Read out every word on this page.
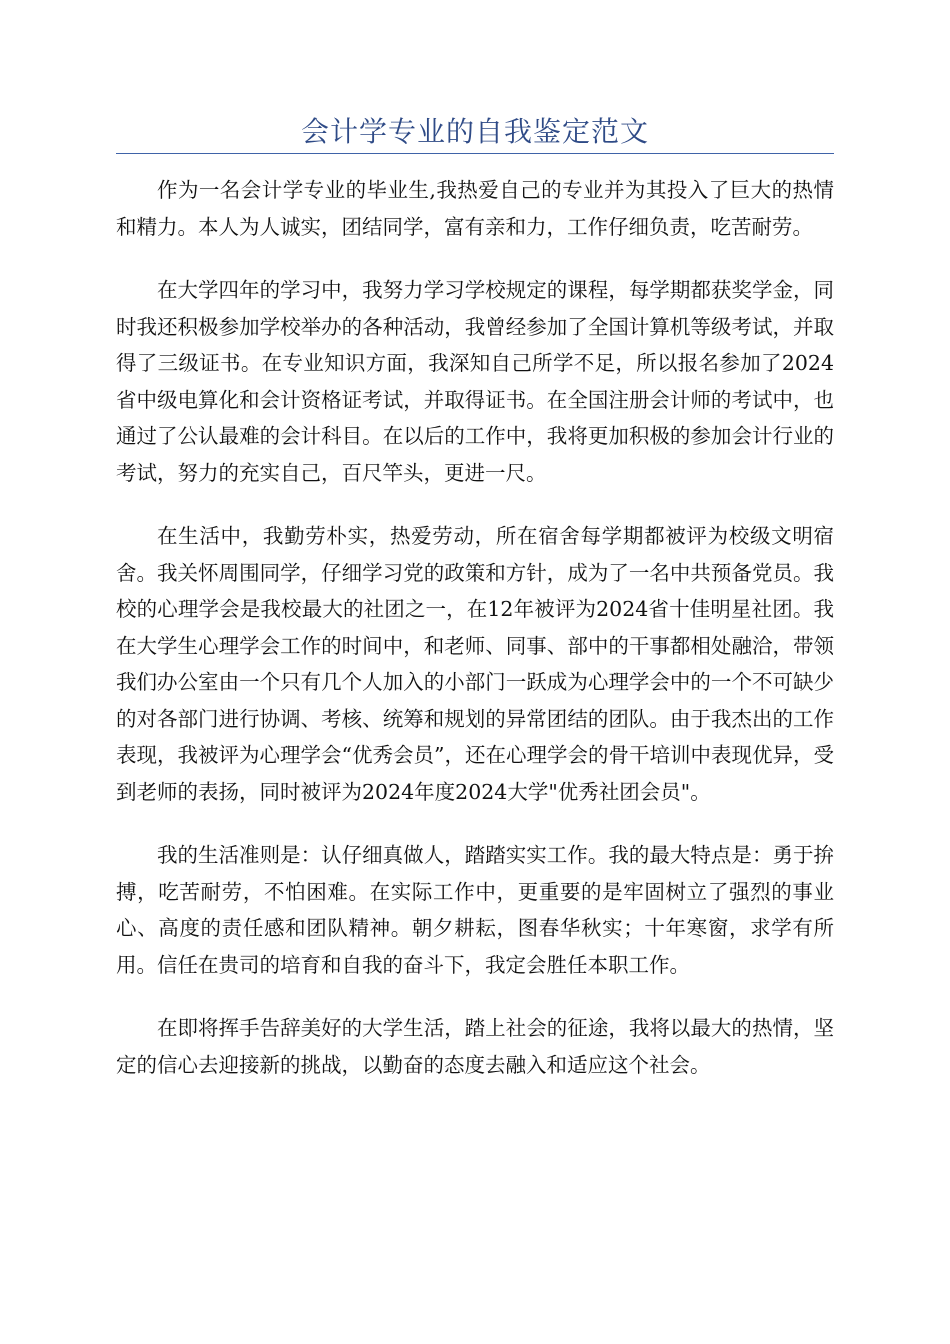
会计学专业的自我鉴定范文

作为一名会计学专业的毕业生,我热爱自己的专业并为其投入了巨大的热情和精力。本人为人诚实，团结同学，富有亲和力，工作仔细负责，吃苦耐劳。

在大学四年的学习中，我努力学习学校规定的课程，每学期都获奖学金，同时我还积极参加学校举办的各种活动，我曾经参加了全国计算机等级考试，并取得了三级证书。在专业知识方面，我深知自己所学不足，所以报名参加了2024省中级电算化和会计资格证考试，并取得证书。在全国注册会计师的考试中，也通过了公认最难的会计科目。在以后的工作中，我将更加积极的参加会计行业的考试，努力的充实自己，百尺竿头，更进一尺。

在生活中，我勤劳朴实，热爱劳动，所在宿舍每学期都被评为校级文明宿舍。我关怀周围同学，仔细学习党的政策和方针，成为了一名中共预备党员。我校的心理学会是我校最大的社团之一，在12年被评为2024省十佳明星社团。我在大学生心理学会工作的时间中，和老师、同事、部中的干事都相处融洽，带领我们办公室由一个只有几个人加入的小部门一跃成为心理学会中的一个不可缺少的对各部门进行协调、考核、统筹和规划的异常团结的团队。由于我杰出的工作表现，我被评为心理学会“优秀会员”，还在心理学会的骨干培训中表现优异，受到老师的表扬，同时被评为2024年度2024大学"优秀社团会员"。

我的生活准则是：认仔细真做人，踏踏实实工作。我的最大特点是：勇于拚搏，吃苦耐劳，不怕困难。在实际工作中，更重要的是牢固树立了强烈的事业心、高度的责任感和团队精神。朝夕耕耘，图春华秋实；十年寒窗，求学有所用。信任在贵司的培育和自我的奋斗下，我定会胜任本职工作。

在即将挥手告辞美好的大学生活，踏上社会的征途，我将以最大的热情，坚定的信心去迎接新的挑战，以勤奋的态度去融入和适应这个社会。
